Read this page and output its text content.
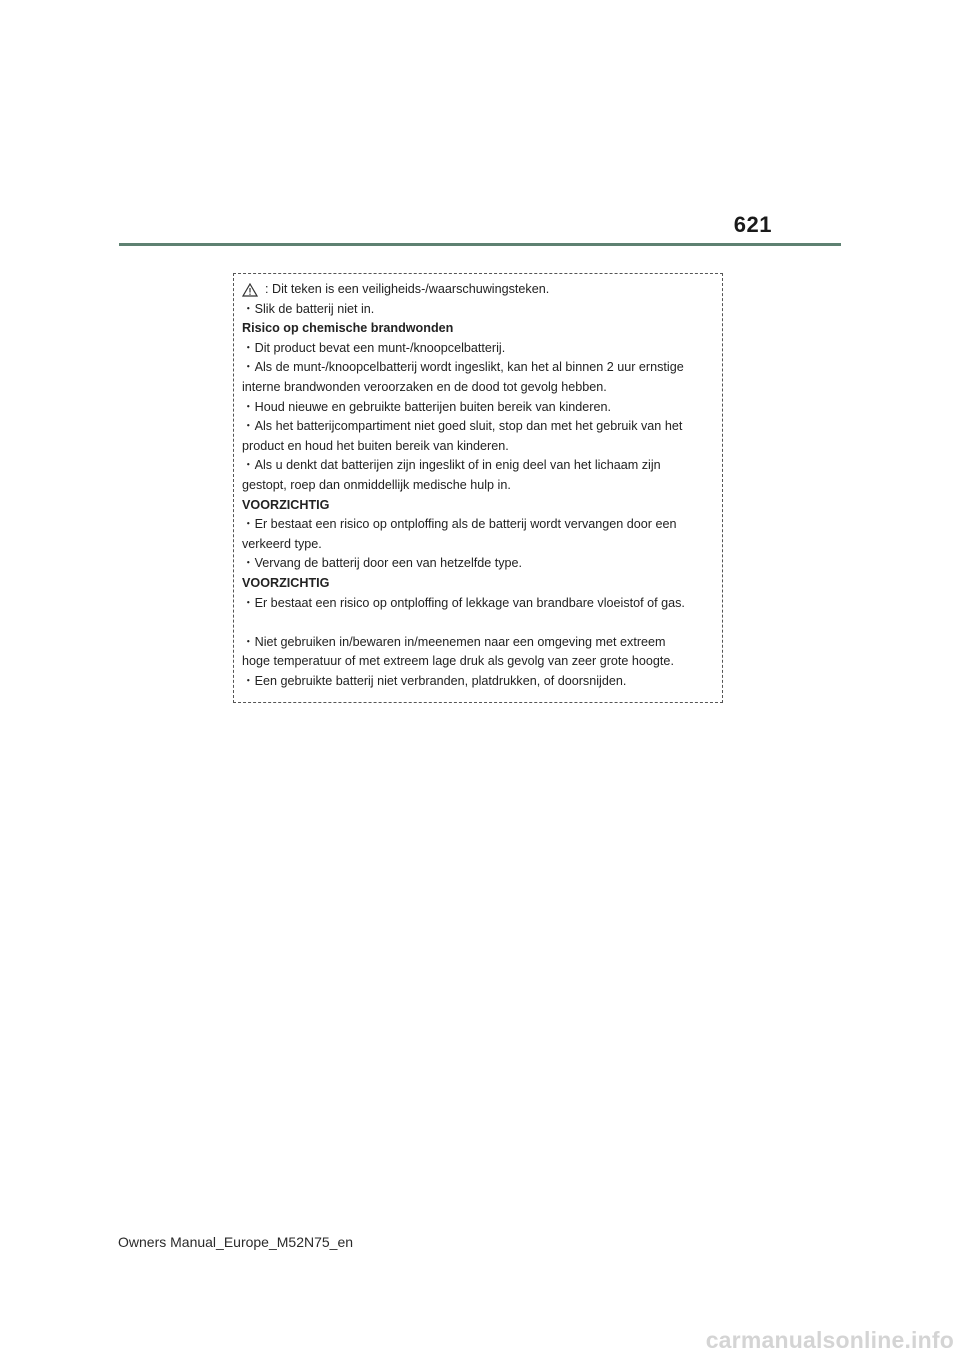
621
: Dit teken is een veiligheids-/waarschuwingsteken.
・Slik de batterij niet in.
Risico op chemische brandwonden
・Dit product bevat een munt-/knoopcelbatterij.
・Als de munt-/knoopcelbatterij wordt ingeslikt, kan het al binnen 2 uur ernstige
interne brandwonden veroorzaken en de dood tot gevolg hebben.
・Houd nieuwe en gebruikte batterijen buiten bereik van kinderen.
・Als het batterijcompartiment niet goed sluit, stop dan met het gebruik van het
product en houd het buiten bereik van kinderen.
・Als u denkt dat batterijen zijn ingeslikt of in enig deel van het lichaam zijn
gestopt, roep dan onmiddellijk medische hulp in.
VOORZICHTIG
・Er bestaat een risico op ontploffing als de batterij wordt vervangen door een
verkeerd type.
・Vervang de batterij door een van hetzelfde type.
VOORZICHTIG
・Er bestaat een risico op ontploffing of lekkage van brandbare vloeistof of gas.
・Niet gebruiken in/bewaren in/meenemen naar een omgeving met extreem
hoge temperatuur of met extreem lage druk als gevolg van zeer grote hoogte.
・Een gebruikte batterij niet verbranden, platdrukken, of doorsnijden.
Owners Manual_Europe_M52N75_en
carmanualsonline.info
